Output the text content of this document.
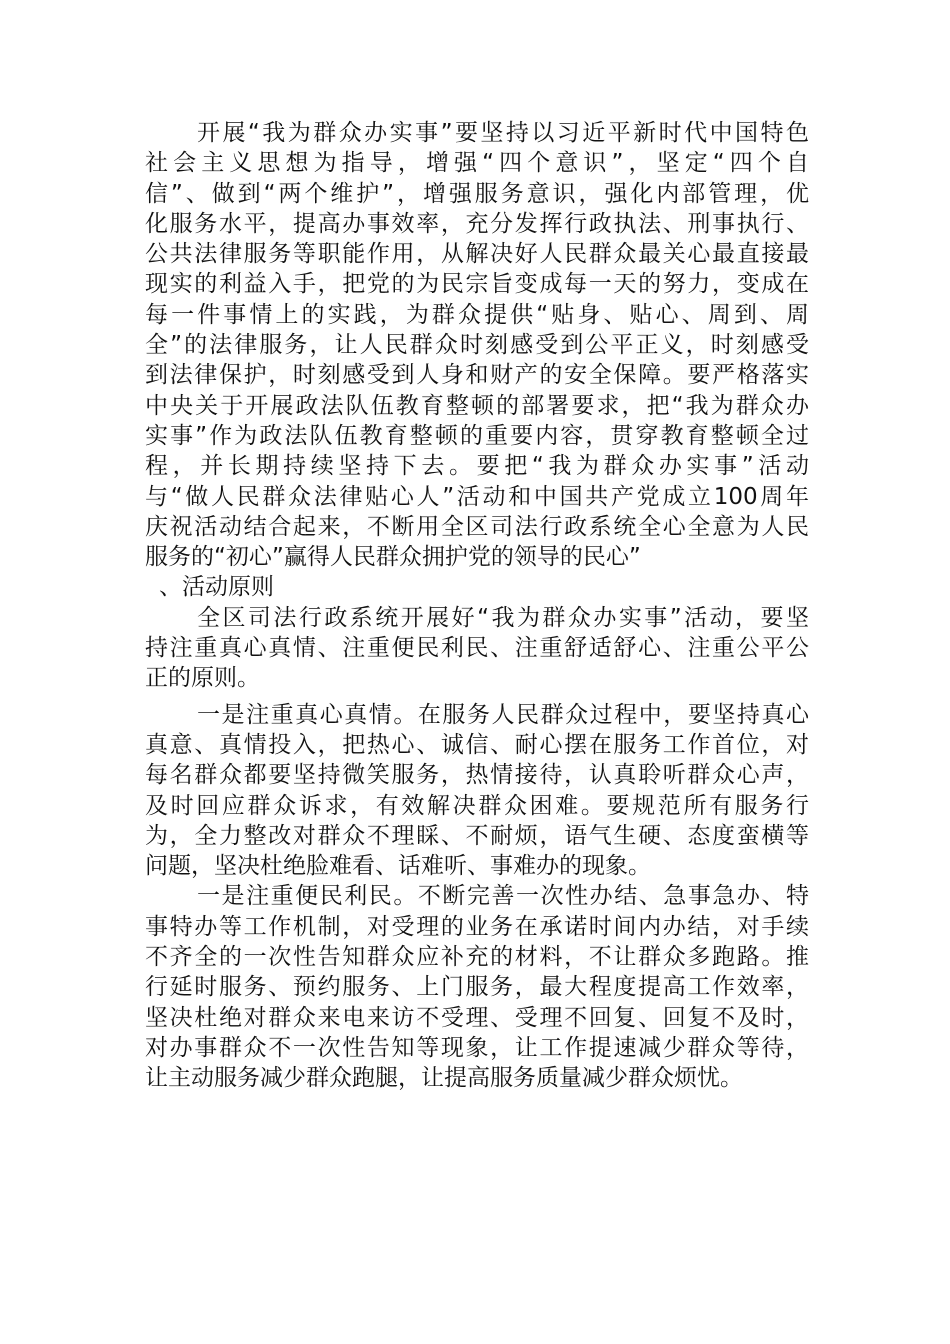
开展“我为群众办实事”要坚持以习近平新时代中国特色
社会主义思想为指导，增强“四个意识”，坚定“四个自
信”、做到“两个维护”，增强服务意识，强化内部管理，优
化服务水平，提高办事效率，充分发挥行政执法、刑事执行、
公共法律服务等职能作用，从解决好人民群众最关心最直接最
现实的利益入手，把党的为民宗旨变成每一天的努力，变成在
每一件事情上的实践，为群众提供“贴身、贴心、周到、周
全”的法律服务，让人民群众时刻感受到公平正义，时刻感受
到法律保护，时刻感受到人身和财产的安全保障。要严格落实
中央关于开展政法队伍教育整顿的部署要求，把“我为群众办
实事”作为政法队伍教育整顿的重要内容，贯穿教育整顿全过
程，并长期持续坚持下去。要把“我为群众办实事”活动
与“做人民群众法律贴心人”活动和中国共产党成立100周年
庆祝活动结合起来，不断用全区司法行政系统全心全意为人民
服务的“初心”赢得人民群众拥护党的领导的民心”
、活动原则
全区司法行政系统开展好“我为群众办实事”活动，要坚
持注重真心真情、注重便民利民、注重舒适舒心、注重公平公
正的原则。
一是注重真心真情。在服务人民群众过程中，要坚持真心
真意、真情投入，把热心、诚信、耐心摆在服务工作首位，对
每名群众都要坚持微笑服务，热情接待，认真聆听群众心声，
及时回应群众诉求，有效解决群众困难。要规范所有服务行
为，全力整改对群众不理睬、不耐烦，语气生硬、态度蛮横等
问题，坚决杜绝脸难看、话难听、事难办的现象。
一是注重便民利民。不断完善一次性办结、急事急办、特
事特办等工作机制，对受理的业务在承诺时间内办结，对手续
不齐全的一次性告知群众应补充的材料，不让群众多跑路。推
行延时服务、预约服务、上门服务，最大程度提高工作效率，
坚决杜绝对群众来电来访不受理、受理不回复、回复不及时，
对办事群众不一次性告知等现象，让工作提速减少群众等待，
让主动服务减少群众跑腿，让提高服务质量减少群众烦忧。
